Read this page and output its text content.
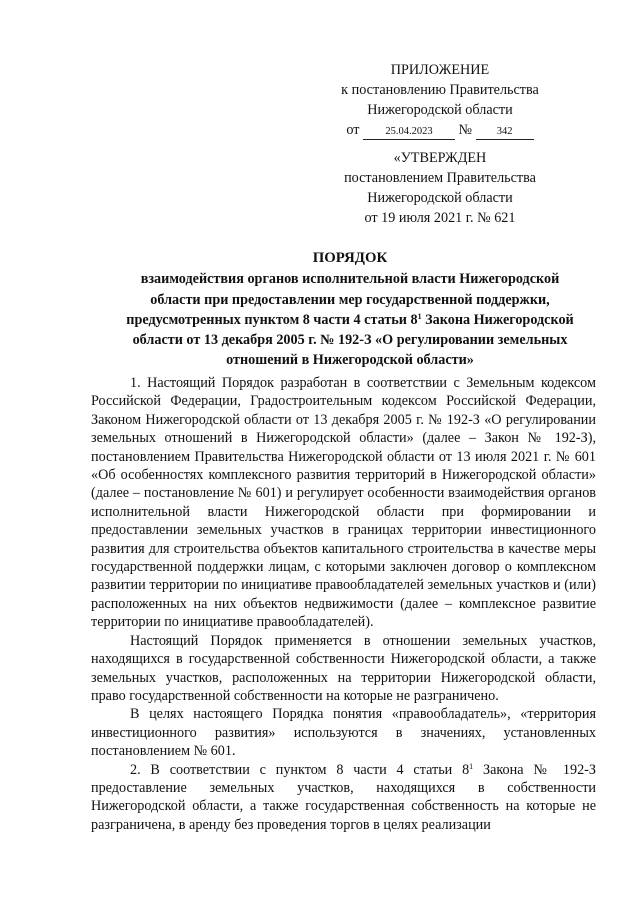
ПРИЛОЖЕНИЕ
к постановлению Правительства
Нижегородской области
от 25.04.2023 № 342
«УТВЕРЖДЕН
постановлением Правительства
Нижегородской области
от 19 июля 2021 г. № 621
ПОРЯДОК
взаимодействия органов исполнительной власти Нижегородской
области при предоставлении мер государственной поддержки,
предусмотренных пунктом 8 части 4 статьи $8^1$ Закона Нижегородской
области от 13 декабря 2005 г. № 192-З «О регулировании земельных
отношений в Нижегородской области»

1. Настоящий Порядок разработан в соответствии с Земельным кодексом Российской Федерации, Градостроительным кодексом Российской Федерации, Законом Нижегородской области от 13 декабря 2005 г. № 192-З «О регулировании земельных отношений в Нижегородской области» (далее – Закон № 192-З), постановлением Правительства Нижегородской области от 13 июля 2021 г. № 601 «Об особенностях комплексного развития территорий в Нижегородской области» (далее – постановление № 601) и регулирует особенности взаимодействия органов исполнительной власти Нижегородской области при формировании и предоставлении земельных участков в границах территории инвестиционного развития для строительства объектов капитального строительства в качестве меры государственной поддержки лицам, с которыми заключен договор о комплексном развитии территории по инициативе правообладателей земельных участков и (или) расположенных на них объектов недвижимости (далее – комплексное развитие территории по инициативе правообладателей).

Настоящий Порядок применяется в отношении земельных участков, находящихся в государственной собственности Нижегородской области, а также земельных участков, расположенных на территории Нижегородской области, право государственной собственности на которые не разграничено.

В целях настоящего Порядка понятия «правообладатель», «территория инвестиционного развития» используются в значениях, установленных постановлением № 601.

2. В соответствии с пунктом 8 части 4 статьи $8^1$ Закона № 192-З предоставление земельных участков, находящихся в собственности Нижегородской области, а также государственная собственность на которые не разграничена, в аренду без проведения торгов в целях реализации
